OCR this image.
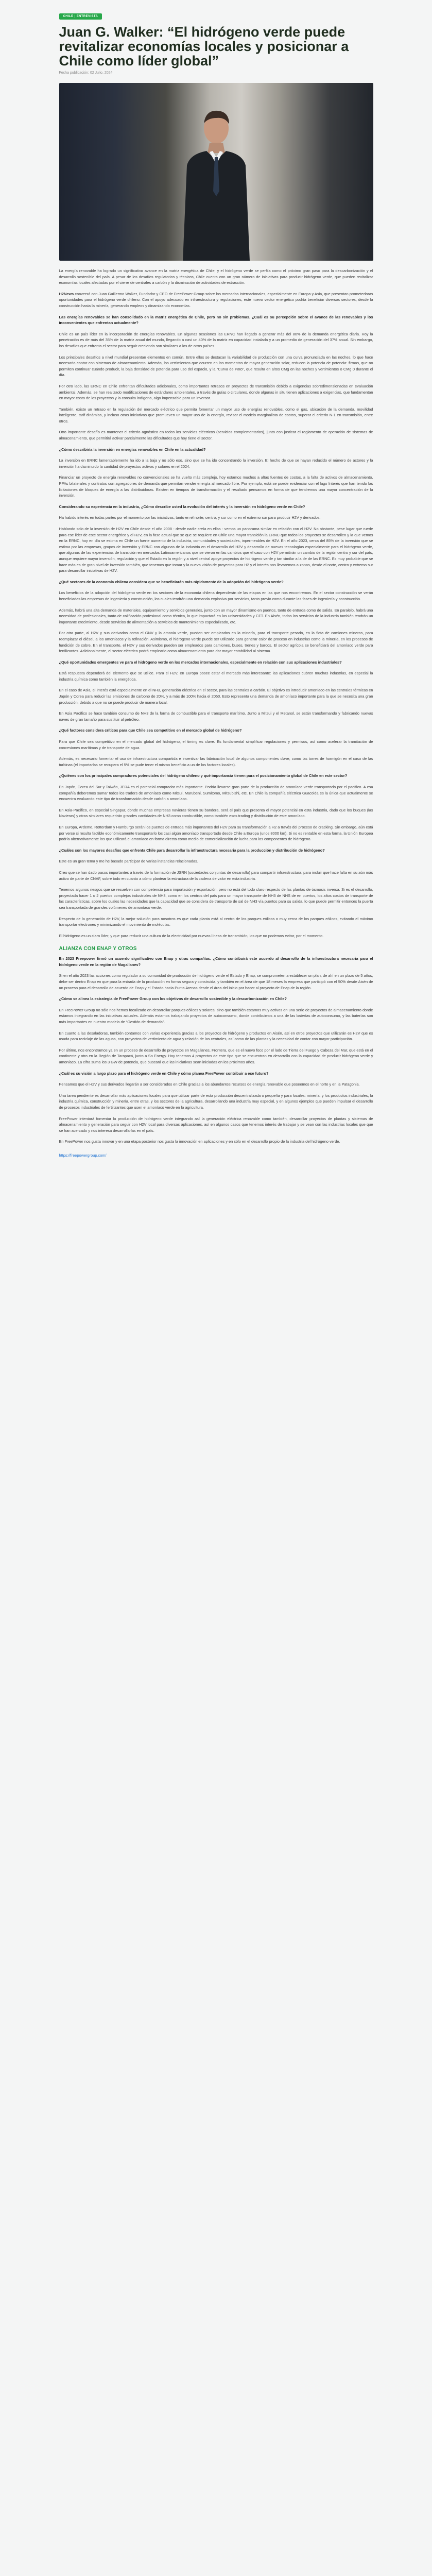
CHILE | ENTREVISTA
Juan G. Walker: “El hidrógeno verde puede revitalizar economías locales y posicionar a Chile como líder global”
Fecha publicación: 02 Julio, 2024

La energía renovable ha logrado un significativo avance en la matriz energética de Chile, y el hidrógeno verde se perfila como el próximo gran paso para la descarbonización y el desarrollo sostenible del país. A pesar de los desafíos regulatorios y técnicos, Chile cuenta con un gran número de iniciativas para producir hidrógeno verde, que pueden revitalizar economías locales afectadas por el cierre de centrales a carbón y la disminución de actividades de extracción.

H2News conversó con Juan Guillermo Walker, Fundador y CEO de FreePower Group sobre los mercados internacionales, especialmente en Europa y Asia, que presentan prometedoras oportunidades para el hidrógeno verde chileno. Con el apoyo adecuado en infraestructura y regulaciones, este nuevo vector energético podría beneficiar diversos sectores, desde la construcción hasta la minería, generando empleos y dinamizando economías.

Las energías renovables se han consolidado en la matriz energética de Chile, pero no sin problemas. ¿Cuál es su percepción sobre el avance de las renovables y los inconvenientes que enfrentan actualmente?

Chile es un país líder en la incorporación de energías renovables. En algunas ocasiones las ERNC han llegado a generar más del 80% de la demanda energética diaria. Hoy la penetración es de más del 35% de la matriz anual del mundo, llegando a casi un 40% de la matriz en capacidad instalada y a un promedio de generación del 37% anual. Sin embargo, los desafíos que enfrenta el sector para seguir creciendo son similares a los de otros países.

Los principales desafíos a nivel mundial presentan elementos en común. Entre ellos se destacan la variabilidad de producción con una curva pronunciada en las noches, lo que hace necesario contar con sistemas de almacenamiento. Además, los vertimientos que ocurren en los momentos de mayor generación solar, reducen la potencia de potencia: firmas, que no permiten continuar cuándo producir, la baja densidad de potencia para uso del espacio, y la “Curva de Pato”, que resulta en altos CMg en las noches y vertimientos o CMg 0 durante el día.

Por otro lado, las ERNC en Chile enfrentan dificultades adicionales, como importantes retrasos en proyectos de transmisión debido a exigencias sobredimensionadas en evaluación ambiental. Además, se han realizado modificaciones de estándares ambientales, a través de guías o circulares, donde algunas in situ tienen aplicaciones a exigencias, que fundamentan en mayor costo de los proyectos y la consulta indígena, algo impensable para un inversor.

También, existe un retraso en la regulación del mercado eléctrico que permita fomentar un mayor uso de energías renovables, como el gas, ubicación de la demanda, movilidad inteligente, tarif dinámica, y incluso otras iniciativas que promueven un mayor uso de la energía, revisar el modelo marginalista de costos, superar el criterio N-1 en transmisión, entre otros.

Otro importante desafío es mantener el criterio agnóstico en todos los servicios eléctricos (servicios complementarios), junto con justicar el reglamento de operación de sistemas de almacenamiento, que permitirá activar parcialmente las dificultades que hoy tiene el sector.

¿Cómo describiría la inversión en energías renovables en Chile en la actualidad?

La inversión en ERNC lamentablemente ha ido a la baja y no sólo eso, sino que se ha ido concentrando la inversión. El hecho de que se hayan reducido el número de actores y la inversión ha disminuido la cantidad de proyectos activos y solares en el 2024.

Financiar un proyecto de energía renovables no convencionales se ha vuelto más complejo, hoy estamos muchos a altas fuentes de costos, a la falta de activos de almacenamiento, PPAs bilaterales y contratos con agregadores de demanda que permitan vender energía al mercado libre. Por ejemplo, está se puede evidenciar con el lago Interés que han tenido las licitaciones de bloques de energía a las distribuidoras. Existen en tiempos de transformación y el resultado pensamos en forma de que tendremos una mayor concentración de la inversión.

Considerando su experiencia en la industria, ¿Cómo describe usted la evolución del interés y la inversión en hidrógeno verde en Chile?

Ha habido interés en todas partes por el momento por las iniciativas, tanto en el norte, centro, y sur como en el extremo sur para producir H2V y derivados.

Hablando solo de la inversión de H2V en Chile desde el año 2008 - desde nadie creía en ellas - vemos un panorama similar en relación con el H2V. No obstante, pese lugar que ruede para ese lider de este sector energético y el H2V, en la fase actual que se que se requiere en Chile una mayor transición la ERNC que todos los proyectos se desarrollen y la que vemos en la ERNC, hoy en día se estima en Chile un fuerte aumento de la industria, comunidades y sociedades, inpermeables de H2V. En el año 2023, cerca del 85% de la inversión que se estima por las empresas, grupos de inversión y ERNC con algunas de la industria en el desarrollo del H2V y desarrollo de nuevas tecnologías especialmente para el hidrógeno verde, que algunas de las experiencias de transición en mercados Latinoamericanos que se vieron en las cambios que el caso con H2V permitirán un cambio de la región centro y sur del país, aunque requiere mayor inversión, regulación y que el Estado en la región y a nivel central apoye proyectos de hidrógeno verde y tan similar a la de de las ERNC. Es muy probable que se hace más es de gran nivel de inversión también, que tenemos que tomar y la nueva visión de proyectos para H2 y el interés nos llevaremos a zonas, desde el norte, centro y extremo sur para desarrollar iniciativas de H2V.

¿Qué sectores de la economía chilena considera que se beneficiarán más rápidamente de la adopción del hidrógeno verde?

Los beneficios de la adopción del hidrógeno verde en los sectores de la economía chilena dependerán de las etapas en las que nos encontremos. En el sector construcción se verán beneficiadas las empresas de ingeniería y construcción, los cuales tendrán una demanda explosiva por servicios, tanto previo como durante las fases de ingeniería y construcción.

Además, habrá una alta demanda de materiales, equipamiento y servicios generales, junto con un mayor dinamismo en puertos, tanto de entrada como de salida. En paralelo, habrá una necesidad de profesionales, tanto de calificación profesional como técnica, lo que impactará en las universidades y CFT. En Aisén, todos los servicios de la industria también tendrán un importante crecimiento, desde servicios de alimentación a servicios de mantenimiento especializado, etc.

Por otra parte, al H2V y sus derivados como el GNV y la amonia verde, pueden ser empleados en la minería, para el transporte pesado, en la flota de camiones mineros, para reemplazar el diésel, a los amoníacos y la refinación. Asimismo, el hidrógeno verde puede ser utilizado para generar calor de proceso en industrias como la minería, en los procesos de fundición de cobre. En el transporte, el H2V y sus derivados pueden ser empleados para camiones, buses, trenes y barcos. El sector agrícola se beneficiará del amoníaco verde para fertilizantes. Adicionalmente, el sector eléctrico podrá emplearlo como almacenamiento para dar mayor estabilidad al sistema.

¿Qué oportunidades emergentes ve para el hidrógeno verde en los mercados internacionales, especialmente en relación con sus aplicaciones industriales?

Está respuesta dependerá del elemento que se utilice. Para el H2V, en Europa posee estar el mercado más interesante: las aplicaciones cubren muchas industrias, en especial la industria química como también la energética.

En el caso de Asia, el interés está especialmente en el NH3, generación eléctrica en el sector, para las centrales a carbón. El objetivo es introducir amoníaco en las centrales térmicas en Japón y Corea para reducir las emisiones de carbono de 20%, y a más de 100% hacia el 2050. Esto representa una demanda de amoníaco importante para la que se necesita una gran producción, debido a que no se puede producir de manera local.

En Asia Pacífico se hace también consumo de NH3 de la forma de combustible para el transporte marítimo. Junto a Mitsui y el Metanol, se están transformando y fabricando nuevas naves de gran tamaño para sustituir al petróleo.

¿Qué factores considera críticos para que Chile sea competitivo en el mercado global de hidrógeno?

Para que Chile sea competitivo en el mercado global del hidrógeno, el timing es clave. Es fundamental simplificar regulaciones y permisos, así como acelerar la tramitación de concesiones marítimas y de transporte de agua.

Además, es necesario fomentar el uso de infraestructura compartida e incentivar las fabricación local de algunos componentes clave, como las torres de hormigón en el caso de las turbinas (el importarlas se recupera el 5% se pude tener el mismo beneficio a un de los factores locales).

¿Quiénes son los principales compradores potenciales del hidrógeno chileno y qué importancia tienen para el posicionamiento global de Chile en este sector?

En Japón, Corea del Sur y Taiwán, JERA es el potencial comprador más importante. Podría llevarse gran parte de la producción de amoníaco verde transportado por el pacífico. A esa compañía deberemos sumar todos los traders de amoníaco como Mitsui, Marubeni, Sumitomo, Mitsubishi, etc. En Chile la compañía eléctrica Guacolda es la única que actualmente se encuentra evaluando este tipo de transformación desde carbón a amoníaco.

En Asia-Pacífico, en especial Singapur, donde muchas empresas navieras tienen su bandera, será el país que presenta el mayor potencial en esta industria, dado que los buques (las Navieras) y otras similares requerirán grandes cantidades de NH3 como combustible, como también esos trading y distribución de este amoníaco.

En Europa, Ardeme, Rotterdam y Hamburgo serán los puertos de entrada más importantes del H2V para su transformación a H2 a través del proceso de cracking. Sin embargo, aún está por verse si resulta factible económicamente transportarlo los casi algún amoníaco transportado desde Chile a Europa (unos 8000 km). Si no es rentable en esta forma, la Unión Europea podría alternativamente los que utilizará el amoníaco en forma directa como medio de comercialización de lucha para los componentes de hidrógeno.

¿Cuáles son los mayores desafíos que enfrenta Chile para desarrollar la infraestructura necesaria para la producción y distribución de hidrógeno?

Este es un gran tema y me he basado participar de varias instancias relacionadas.

Creo que se han dado pasos importantes a través de la formación de JSRN (sociedades conjuntas de desarrollo) para compartir infraestructura, para incluir que hace falta en su aún más activo de parte de CNAF, sobre todo en cuanto a cómo plantear la estructura de la cadena de valor en esta industria.

Tenemos algunos riesgos que se resuelven con competencia para importación y exportación, pero no está del todo claro respecto de las plantas de ósmosis inversa. Si es el desarrollo, proyectada hacer 1 o 2 puertos complejos industriales de NH3, como en los centros del país para un mayor transporte de NH3 de NHS de en puertos, los altos costos de transporte de las características, sobre los cuales las necesidades que la capacidad que se considera de transporte de sal de NH3 vía puertos para su salida, lo que puede permitir entonces la puerta sea transportada de grandes volúmenes de amoníaco verde.

Respecto de la generación de H2V, la mejor solución para nosotros es que cada planta está al centro de los parques eólicos o muy cerca de los parques eólicos, evitando el máximo transportar electrones y minimizando el movimiento de moléculas.

El hidrógeno es un claro líder, y que para reducir una cultura de la electricidad por nuevas líneas de transmisión, los que no podemos evitar, por el momento.

ALIANZA CON ENAP Y OTROS

En 2023 Freepower firmó un acuerdo significativo con Enap y otras compañías. ¿Cómo contribuirá este acuerdo al desarrollo de la infraestructura necesaria para el hidrógeno verde en la región de Magallanes?

Si en el año 2023 las acciones como regulador a su comunidad de producción de hidrógeno verde el Estado y Enap, se comprometen a establecer un plan, de ahí en un plazo de 5 años, debe ser dentro Enap en que para la entrada de la producción en forma segura y construida, y también en el área de que 18 meses la empresa que participó con el 50% desde Aisén de un proceso para el desarrollo de acuerdo de Enap y el Estado hacia Punta Arenas desde el área del inicio por hacer al proyecto de Enap de la región.

¿Cómo se alinea la estrategia de FreePower Group con los objetivos de desarrollo sostenible y la descarbonización en Chile?

En FreePower Group no sólo nos hemos focalizado en desarrollar parques eólicos y solares, sino que también estamos muy activos en una serie de proyectos de almacenamiento donde estamos integrando en las iniciativas actuales. Además estamos trabajando proyectos de autoconsumo, donde contribuimos a una de las baterías de autoconsumo, y las baterías son más importantes en nuestro modelo de “Gestión de demanda”.

En cuanto a las desaladoras, también contamos con varias experiencia gracias a los proyectos de hidrógeno y productos en Aisén, así en otros proyectos que utilizarán es H2V que es usada para reciclaje de las aguas, con proyectos de vertimiento de agua y relación de las centrales, así como de las plantas y la necesidad de contar con mayor participación.

Por último, nos encontramos ya en un proceso de desarrollo de proyectos en Magallanes, Frontera, que es el nuevo foco por el lado de Tierra del Fuego y Cabeza del Mar, que está en el continente y otro en la Región de Tarapacá, junto a Sn Energy. Hoy tenemos 4 proyectos de este tipo que se encuentran en desarrollo con la capacidad de producir hidrógeno verde y amoníaco. La cifra suma los 3 GW de potencia, que buscará que las iniciativas sean iniciadas en los próximos años.

¿Cuál es su visión a largo plazo para el hidrógeno verde en Chile y cómo planea FreePower contribuir a ese futuro?

Pensamos que el H2V y sus derivados llegarán a ser considerados en Chile gracias a los abundantes recursos de energía renovable que poseemos en el norte y en la Patagonia.

Una tarea pendiente es desarrollar más aplicaciones locales para que utilizar parte de esta producción descentralizada o pequeña y para locales: minería, y los productos industriales, la industria química, construcción y minería, entre otras, y los sectores de la agricultura, desarrollando una industria muy especial, y en algunos ejemplos que pueden impulsar el desarrollo de procesos industriales de fertilizantes que usen el amoníaco verde en la agricultura.

FreePower intentará fomentar la producción de hidrógeno verde integrando así la generación eléctrica renovable como también, desarrollar proyectos de plantas y sistemas de almacenamiento y generación para seguir con H2V local para diversas aplicaciones, así en algunos casos que tenemos interés de trabajar y se vean con las industrias locales que que se han acercado y nos interesa desarrollarlas en el país.

En FreePower nos gusta innovar y en una etapa posterior nos gusta la innovación en aplicaciones y en sólo en el desarrollo propio de la industria del hidrógeno verde.

https://freepowergroup.com/
